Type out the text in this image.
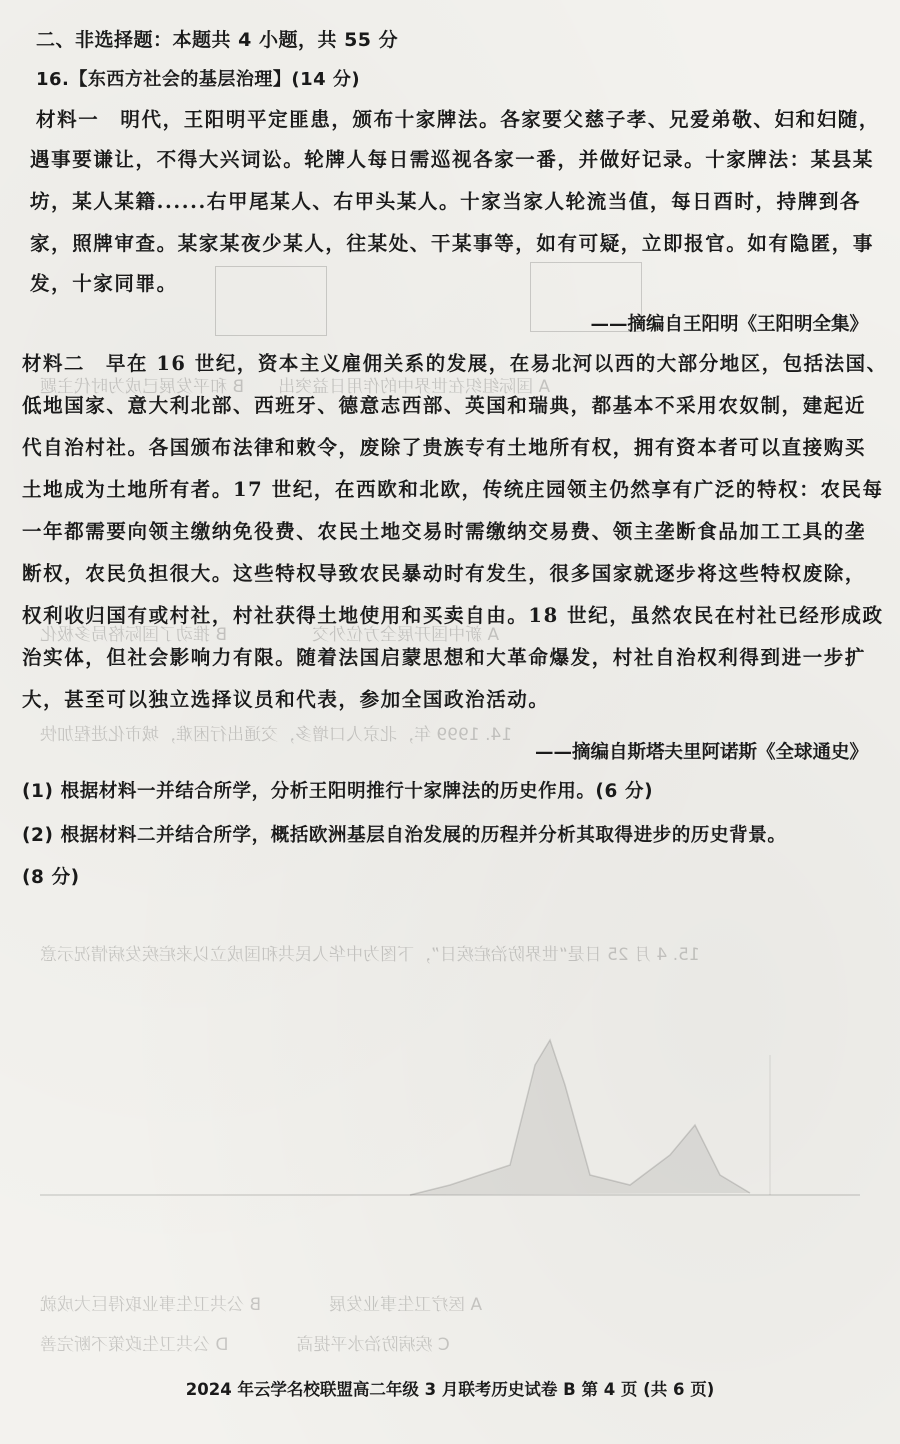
A 国际组织在世界中的作用日益突出　　B 和平发展已成为时代主题
A 新中国开展全方位外交　　　　　B 推动了国际格局多极化
14. 1999 年，北京人口增多，交通出行困难，城市化进程加快
15. 4 月 25 日是“世界防治疟疾日”，下图为中华人民共和国成立以来疟疾发病情况示意
A 医疗卫生事业发展　　　　B 公共卫生事业取得巨大成就
C 疾病防治水平提高　　　　D 公共卫生政策不断完善
二、非选择题：本题共 4 小题，共 55 分
16.【东西方社会的基层治理】(14 分)
材料一　明代，王阳明平定匪患，颁布十家牌法。各家要父慈子孝、兄爱弟敬、妇和妇随，
遇事要谦让，不得大兴词讼。轮牌人每日需巡视各家一番，并做好记录。十家牌法：某县某
坊，某人某籍......右甲尾某人、右甲头某人。十家当家人轮流当值，每日酉时，持牌到各
家，照牌审查。某家某夜少某人，往某处、干某事等，如有可疑，立即报官。如有隐匿，事
发，十家同罪。
——摘编自王阳明《王阳明全集》
材料二　早在 16 世纪，资本主义雇佣关系的发展，在易北河以西的大部分地区，包括法国、
低地国家、意大利北部、西班牙、德意志西部、英国和瑞典，都基本不采用农奴制，建起近
代自治村社。各国颁布法律和敕令，废除了贵族专有土地所有权，拥有资本者可以直接购买
土地成为土地所有者。17 世纪，在西欧和北欧，传统庄园领主仍然享有广泛的特权：农民每
一年都需要向领主缴纳免役费、农民土地交易时需缴纳交易费、领主垄断食品加工工具的垄
断权，农民负担很大。这些特权导致农民暴动时有发生，很多国家就逐步将这些特权废除，
权利收归国有或村社，村社获得土地使用和买卖自由。18 世纪，虽然农民在村社已经形成政
治实体，但社会影响力有限。随着法国启蒙思想和大革命爆发，村社自治权利得到进一步扩
大，甚至可以独立选择议员和代表，参加全国政治活动。
——摘编自斯塔夫里阿诺斯《全球通史》
(1) 根据材料一并结合所学，分析王阳明推行十家牌法的历史作用。(6 分)
(2) 根据材料二并结合所学，概括欧洲基层自治发展的历程并分析其取得进步的历史背景。
(8 分)
2024 年云学名校联盟高二年级 3 月联考历史试卷 B 第 4 页 (共 6 页)
